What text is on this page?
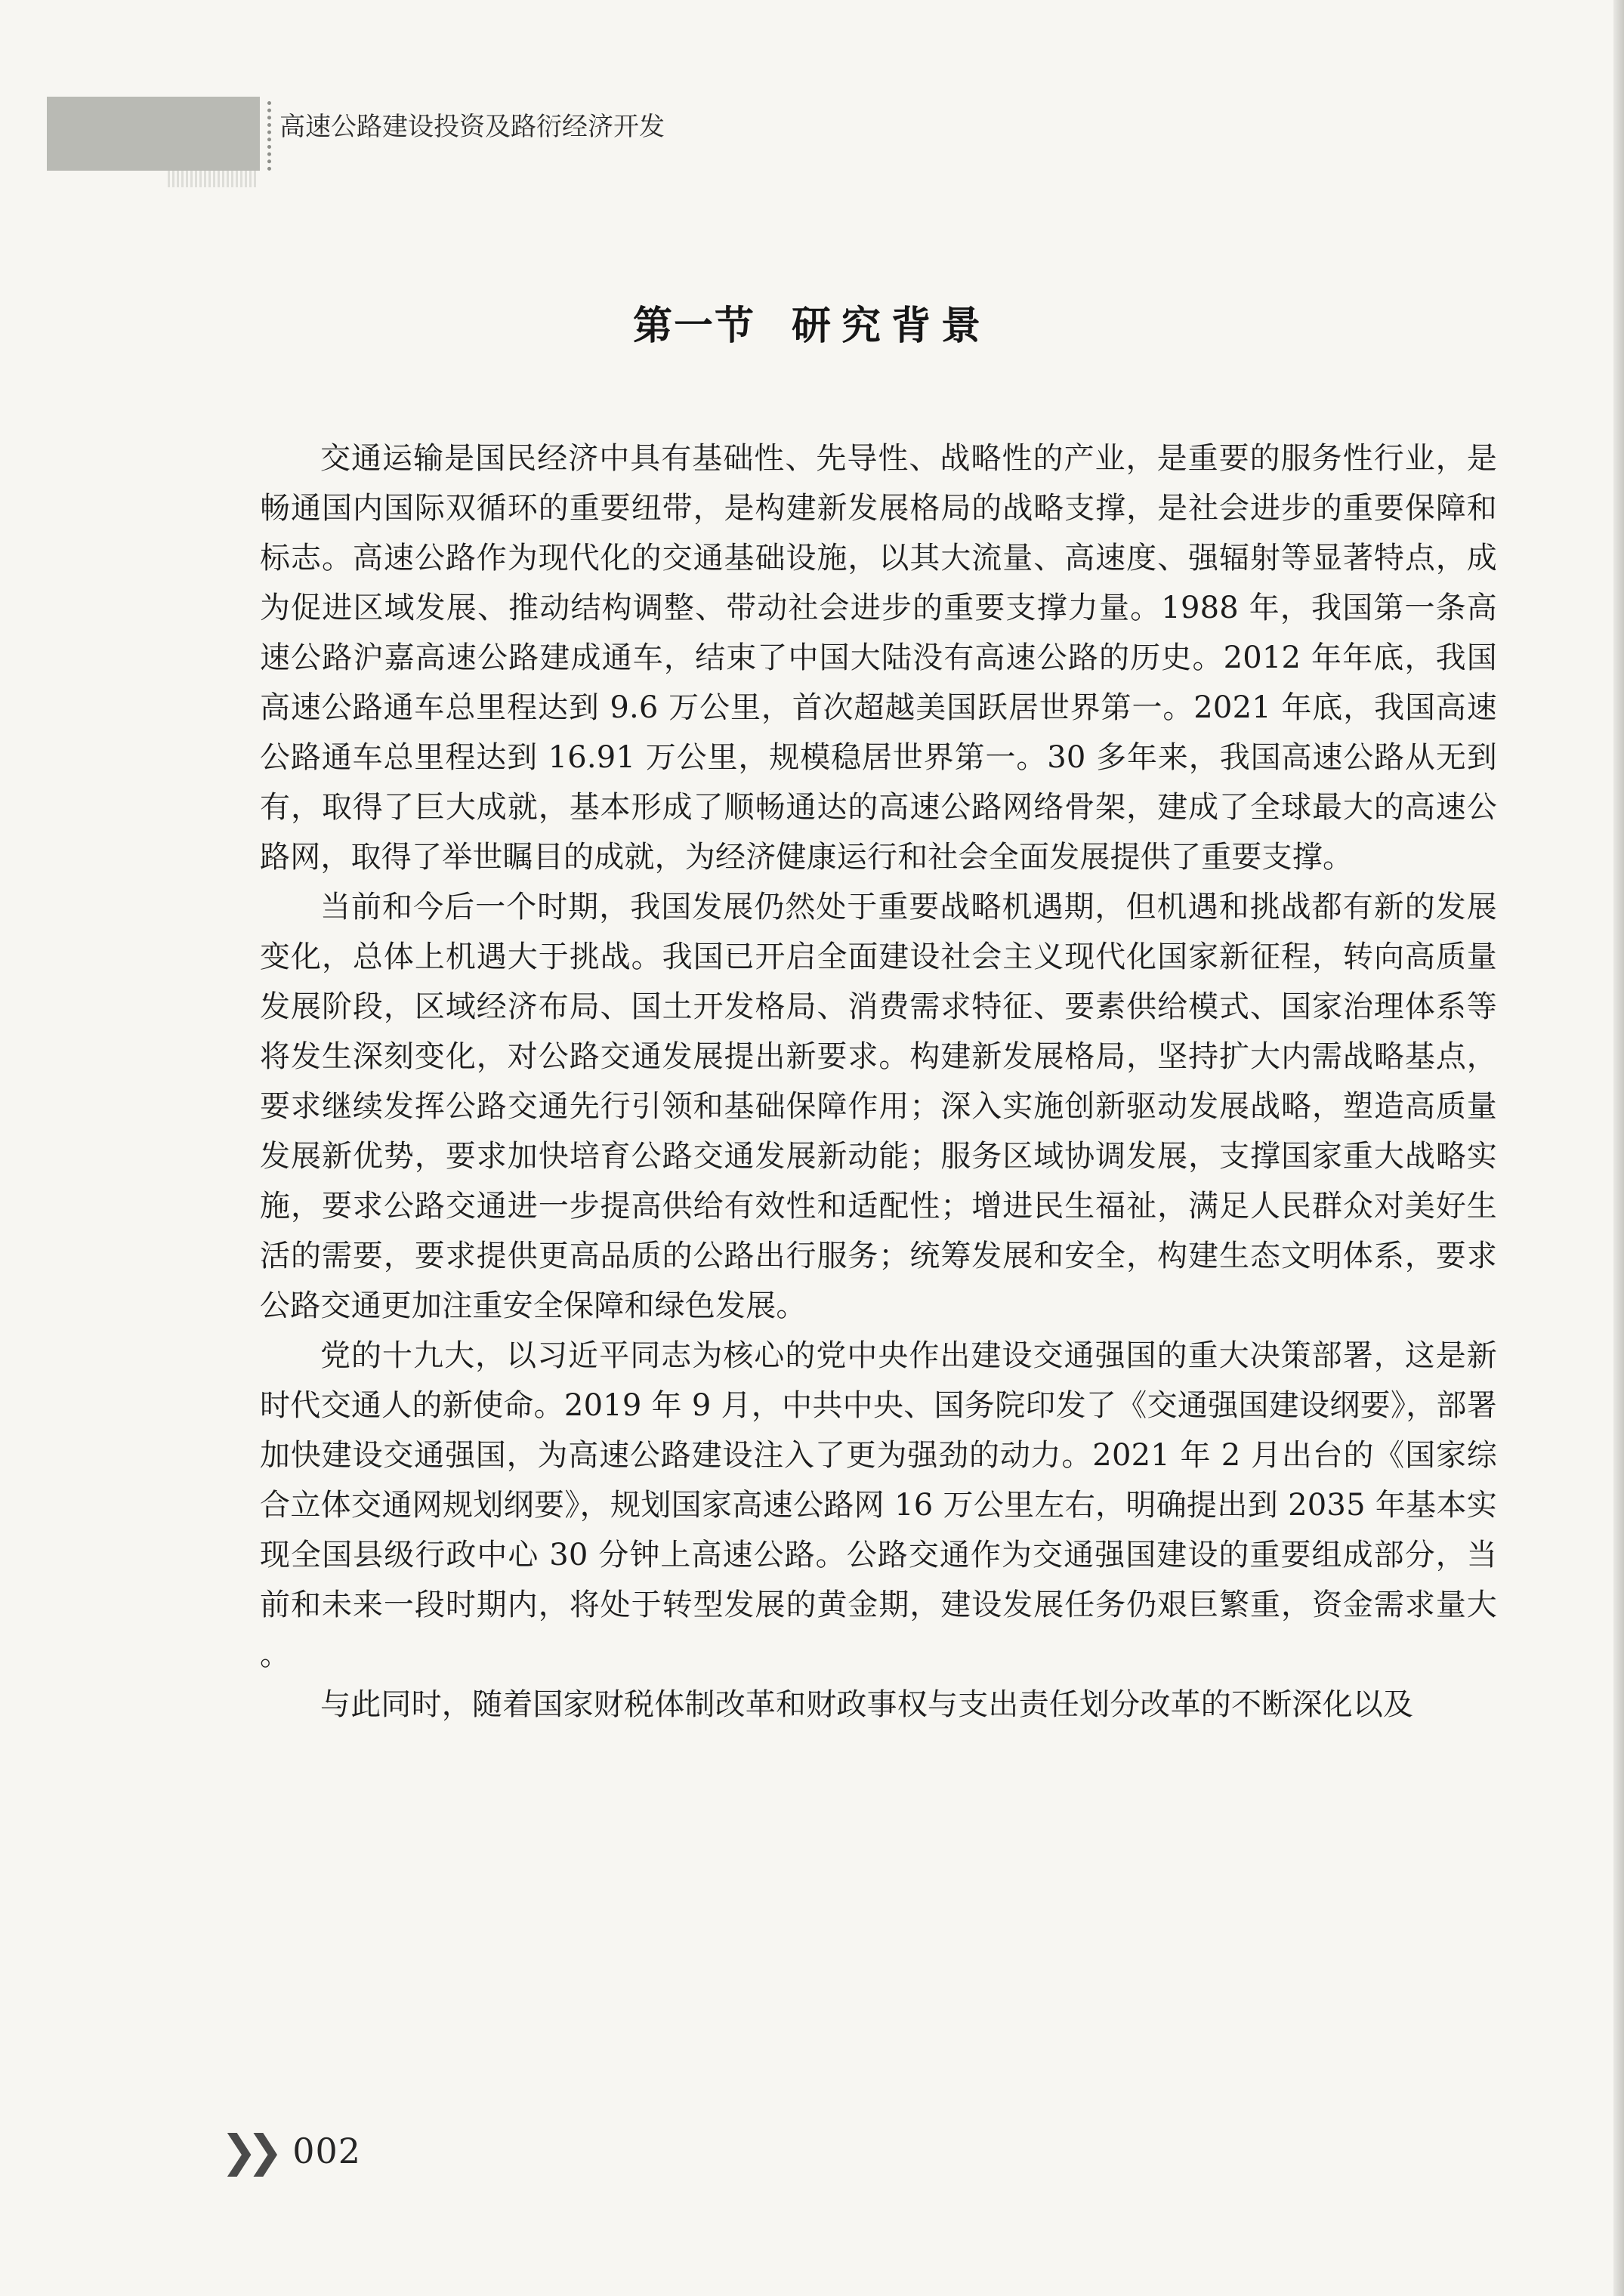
高速公路建设投资及路衍经济开发

第一节 研究背景

交通运输是国民经济中具有基础性、先导性、战略性的产业，是重要的服务性行业，是畅通国内国际双循环的重要纽带，是构建新发展格局的战略支撑，是社会进步的重要保障和标志。高速公路作为现代化的交通基础设施，以其大流量、高速度、强辐射等显著特点，成为促进区域发展、推动结构调整、带动社会进步的重要支撑力量。1988 年，我国第一条高速公路沪嘉高速公路建成通车，结束了中国大陆没有高速公路的历史。2012 年年底，我国高速公路通车总里程达到 9.6 万公里，首次超越美国跃居世界第一。2021 年底，我国高速公路通车总里程达到 16.91 万公里，规模稳居世界第一。30 多年来，我国高速公路从无到有，取得了巨大成就，基本形成了顺畅通达的高速公路网络骨架，建成了全球最大的高速公路网，取得了举世瞩目的成就，为经济健康运行和社会全面发展提供了重要支撑。

当前和今后一个时期，我国发展仍然处于重要战略机遇期，但机遇和挑战都有新的发展变化，总体上机遇大于挑战。我国已开启全面建设社会主义现代化国家新征程，转向高质量发展阶段，区域经济布局、国土开发格局、消费需求特征、要素供给模式、国家治理体系等将发生深刻变化，对公路交通发展提出新要求。构建新发展格局，坚持扩大内需战略基点，要求继续发挥公路交通先行引领和基础保障作用；深入实施创新驱动发展战略，塑造高质量发展新优势，要求加快培育公路交通发展新动能；服务区域协调发展，支撑国家重大战略实施，要求公路交通进一步提高供给有效性和适配性；增进民生福祉，满足人民群众对美好生活的需要，要求提供更高品质的公路出行服务；统筹发展和安全，构建生态文明体系，要求公路交通更加注重安全保障和绿色发展。

党的十九大，以习近平同志为核心的党中央作出建设交通强国的重大决策部署，这是新时代交通人的新使命。2019 年 9 月，中共中央、国务院印发了《交通强国建设纲要》，部署加快建设交通强国，为高速公路建设注入了更为强劲的动力。2021 年 2 月出台的《国家综合立体交通网规划纲要》，规划国家高速公路网 16 万公里左右，明确提出到 2035 年基本实现全国县级行政中心 30 分钟上高速公路。公路交通作为交通强国建设的重要组成部分，当前和未来一段时期内，将处于转型发展的黄金期，建设发展任务仍艰巨繁重，资金需求量大。

与此同时，随着国家财税体制改革和财政事权与支出责任划分改革的不断深化以及

❯❯ 002
